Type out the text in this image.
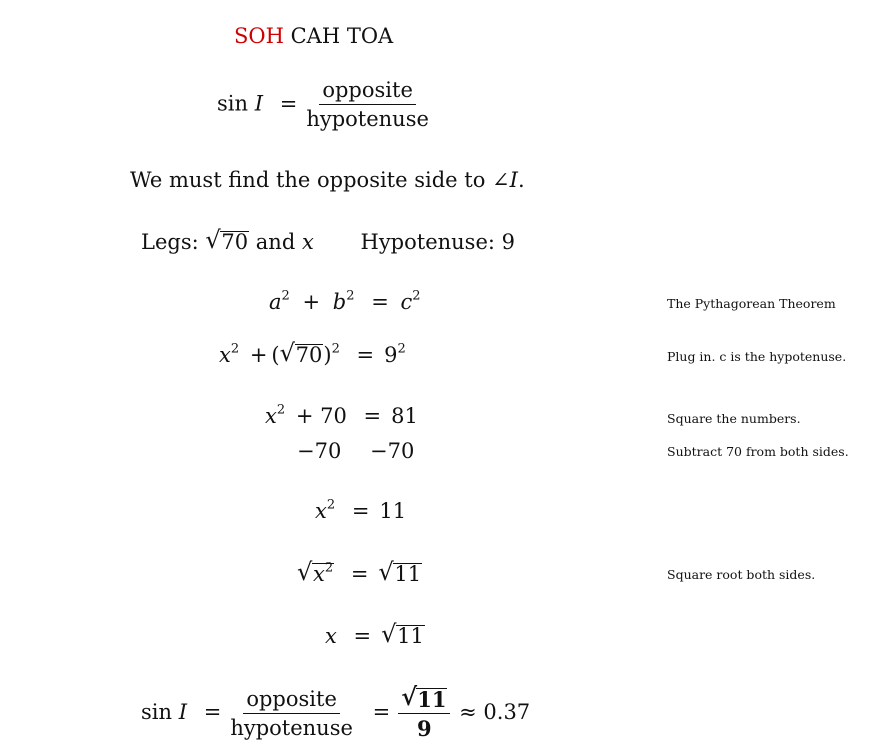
SOH CAH TOA
$\sin I = \frac{\text{opposite}}{\text{hypotenuse}}$
We must find the opposite side to ∠I.
Legs: √ 70 and x Hypotenuse: 9
$a^2 + b^2 = c^2$
The Pythagorean Theorem
$x^2$ + ( √ $70)^2 = 9^2$
Plug in. c is the hypotenuse.
$x^2 + 70 = 81$	Square the numbers.
−70 −70	Subtract 70 from both sides.
$x^2 = 11$
√ $x^2$ = √ 11	Square root both sides.
x = √ 11
$\sin I = \frac{\text{opposite}}{\text{hypotenuse}} = \frac{√ 11}{9} \approx 0.37$
